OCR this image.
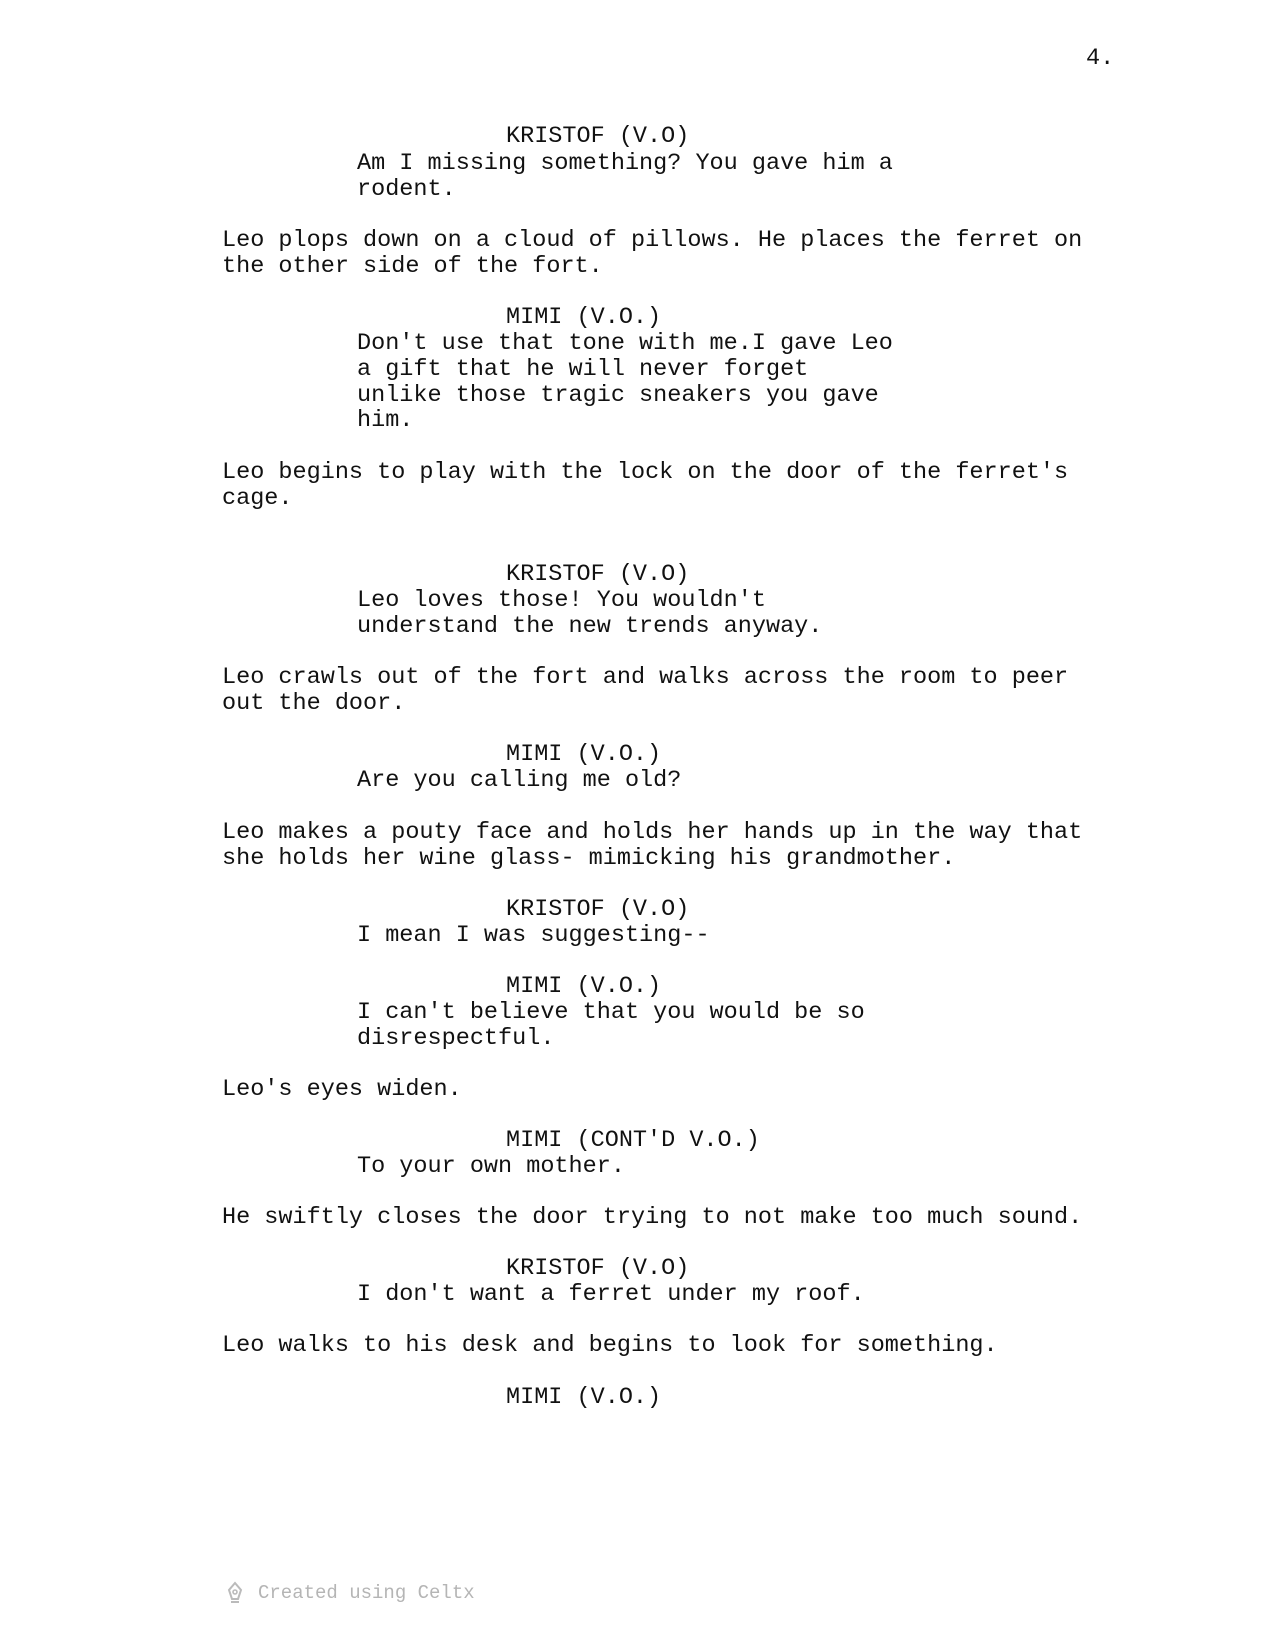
4.
KRISTOF (V.O)
Am I missing something? You gave him a
rodent.
Leo plops down on a cloud of pillows. He places the ferret on
the other side of the fort.
MIMI (V.O.)
Don't use that tone with me.I gave Leo
a gift that he will never forget
unlike those tragic sneakers you gave
him.
Leo begins to play with the lock on the door of the ferret's
cage.
KRISTOF (V.O)
Leo loves those! You wouldn't
understand the new trends anyway.
Leo crawls out of the fort and walks across the room to peer
out the door.
MIMI (V.O.)
Are you calling me old?
Leo makes a pouty face and holds her hands up in the way that
she holds her wine glass- mimicking his grandmother.
KRISTOF (V.O)
I mean I was suggesting--
MIMI (V.O.)
I can't believe that you would be so
disrespectful.
Leo's eyes widen.
MIMI (CONT'D V.O.)
To your own mother.
He swiftly closes the door trying to not make too much sound.
KRISTOF (V.O)
I don't want a ferret under my roof.
Leo walks to his desk and begins to look for something.
MIMI (V.O.)
Created using Celtx
